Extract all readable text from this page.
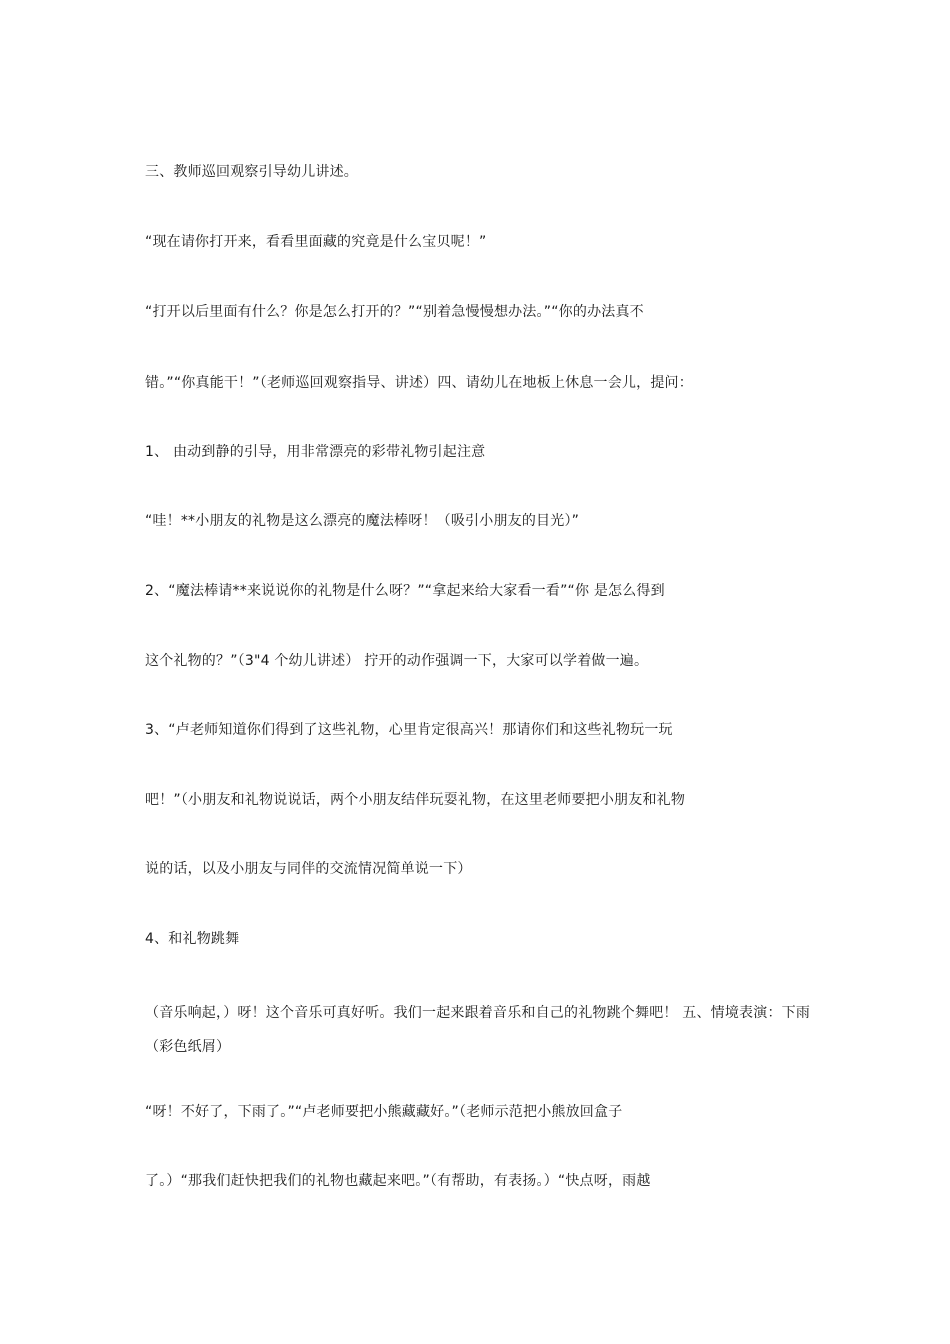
三、教师巡回观察引导幼儿讲述。
“现在请你打开来，看看里面藏的究竟是什么宝贝呢！”
“打开以后里面有什么？你是怎么打开的？”“别着急慢慢想办法。”“你的办法真不
错。”“你真能干！”（老师巡回观察指导、讲述）四、请幼儿在地板上休息一会儿，提问：
1、 由动到静的引导，用非常漂亮的彩带礼物引起注意
“哇！**小朋友的礼物是这么漂亮的魔法棒呀！（吸引小朋友的目光）”
2、“魔法棒请**来说说你的礼物是什么呀？”“拿起来给大家看一看”“你 是怎么得到
这个礼物的？”（3"4 个幼儿讲述） 拧开的动作强调一下，大家可以学着做一遍。
3、“卢老师知道你们得到了这些礼物，心里肯定很高兴！那请你们和这些礼物玩一玩
吧！”（小朋友和礼物说说话，两个小朋友结伴玩耍礼物，在这里老师要把小朋友和礼物
说的话，以及小朋友与同伴的交流情况简单说一下）
4、和礼物跳舞
（音乐响起，）呀！这个音乐可真好听。我们一起来跟着音乐和自己的礼物跳个舞吧！ 五、情境表演：下雨（彩色纸屑）
“呀！不好了，下雨了。”“卢老师要把小熊藏藏好。”（老师示范把小熊放回盒子
了。）“那我们赶快把我们的礼物也藏起来吧。”（有帮助，有表扬。）“快点呀，雨越
